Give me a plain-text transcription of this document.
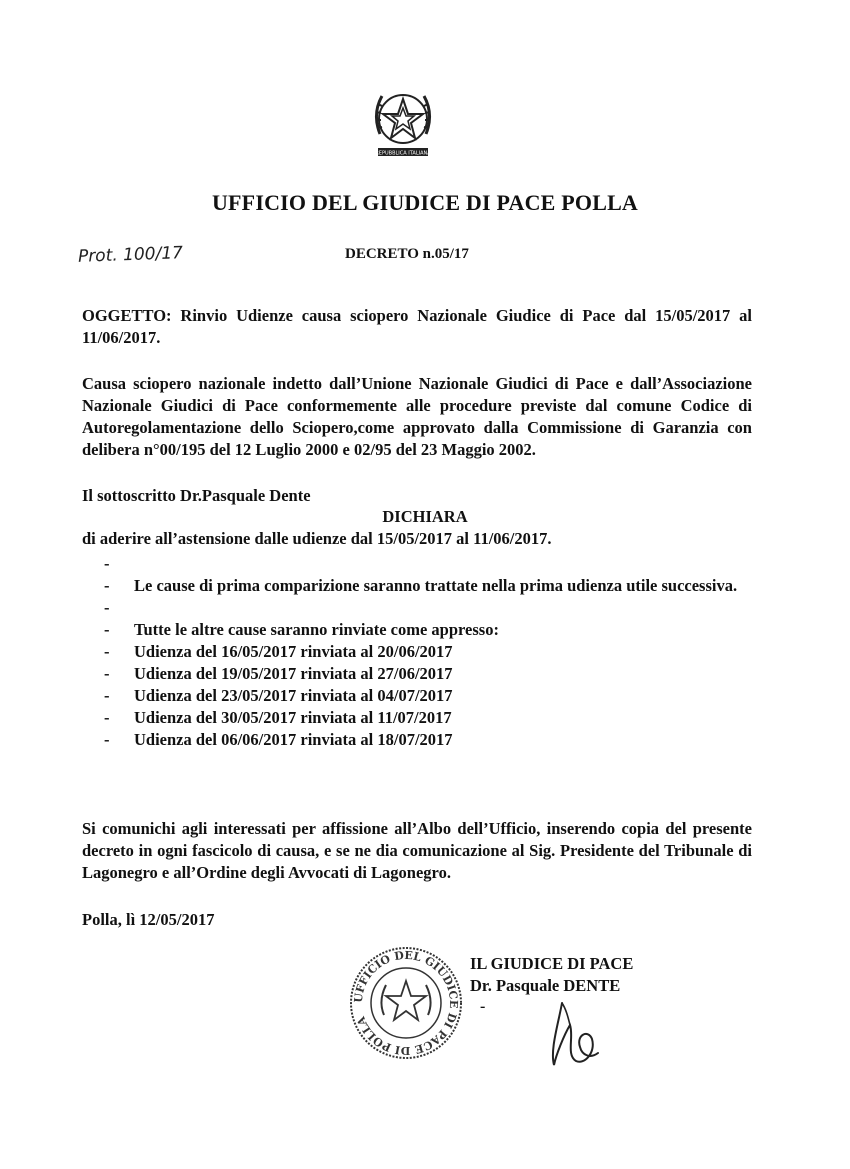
REPUBBLICA ITALIANA
UFFICIO DEL GIUDICE DI PACE POLLA
Prot. 100/17	DECRETO n.05/17
OGGETTO: Rinvio Udienze causa sciopero Nazionale Giudice di Pace dal 15/05/2017 al 11/06/2017.
Causa sciopero nazionale indetto dall’Unione Nazionale Giudici di Pace e dall’Associazione Nazionale Giudici di Pace conformemente alle procedure previste dal comune Codice di Autoregolamentazione dello Sciopero,come approvato dalla Commissione di Garanzia con delibera n°00/195 del 12 Luglio 2000 e 02/95 del 23 Maggio 2002.
Il sottoscritto Dr.Pasquale Dente
DICHIARA
di aderire all’astensione dalle udienze dal 15/05/2017 al 11/06/2017.
-
- Le cause di prima comparizione saranno trattate nella prima udienza utile successiva.
-
- Tutte le altre cause saranno rinviate come appresso:
- Udienza del 16/05/2017 rinviata al 20/06/2017
- Udienza del 19/05/2017 rinviata al 27/06/2017
- Udienza del 23/05/2017 rinviata al 04/07/2017
- Udienza del 30/05/2017 rinviata al 11/07/2017
- Udienza del 06/06/2017 rinviata al 18/07/2017
Si comunichi agli interessati per affissione all’Albo dell’Ufficio, inserendo copia del presente decreto in ogni fascicolo di causa, e se ne dia comunicazione al Sig. Presidente del Tribunale di Lagonegro e all’Ordine degli Avvocati di Lagonegro.
Polla, lì 12/05/2017
UFFICIO DEL GIUDICE DI PACE DI POLLA
IL GIUDICE DI PACE
Dr. Pasquale DENTE
-
